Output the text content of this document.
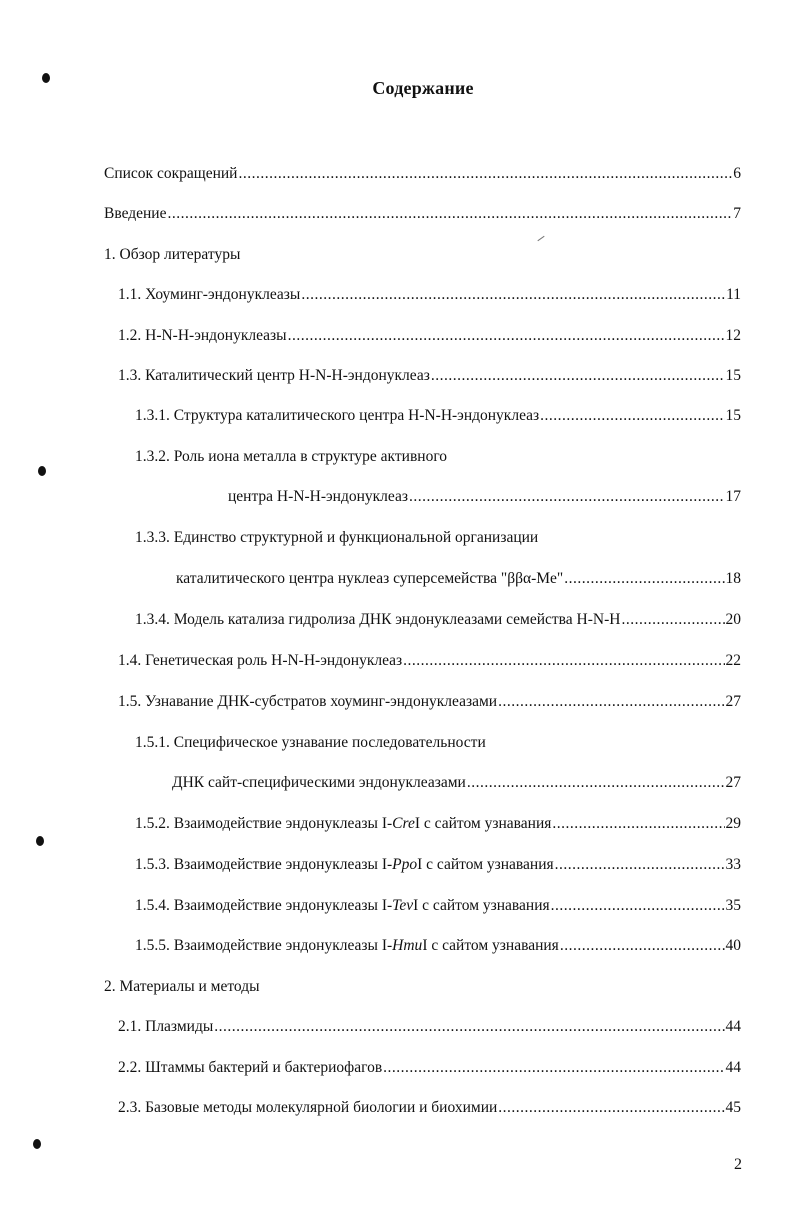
Содержание
Список сокращений .....	6
Введение .....	7
1. Обзор литературы
1.1. Хоуминг-эндонуклеазы .....	11
1.2. H-N-H-эндонуклеазы .....	12
1.3. Каталитический центр H-N-H-эндонуклеаз .....	15
1.3.1. Структура каталитического центра H-N-H-эндонуклеаз .....	15
1.3.2. Роль иона металла в структуре активного
центра H-N-H-эндонуклеаз .....	17
1.3.3. Единство структурной и функциональной организации
каталитического центра нуклеаз суперсемейства "ββα-Me" .....	18
1.3.4. Модель катализа гидролиза ДНК эндонуклеазами семейства H-N-H .....	20
1.4. Генетическая роль H-N-H-эндонуклеаз .....	22
1.5. Узнавание ДНК-субстратов хоуминг-эндонуклеазами .....	27
1.5.1. Специфическое узнавание последовательности
ДНК сайт-специфическими эндонуклеазами .....	27
1.5.2. Взаимодействие эндонуклеазы I-CreI с сайтом узнавания .....	29
1.5.3. Взаимодействие эндонуклеазы I-PpoI с сайтом узнавания .....	33
1.5.4. Взаимодействие эндонуклеазы I-TevI с сайтом узнавания .....	35
1.5.5. Взаимодействие эндонуклеазы I-HmuI с сайтом узнавания .....	40
2. Материалы и методы
2.1. Плазмиды .....	44
2.2. Штаммы бактерий и бактериофагов .....	44
2.3. Базовые методы молекулярной биологии и биохимии .....	45
2
